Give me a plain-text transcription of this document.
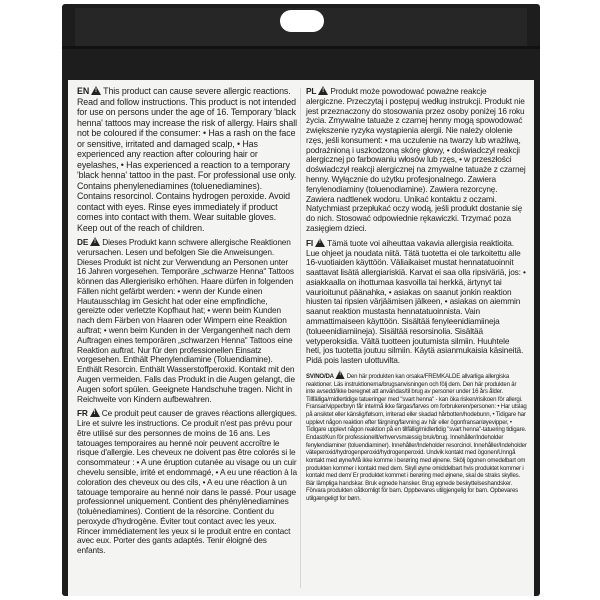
EN ! This product can cause severe allergic reactions. Read and follow instructions. This product is not intended for use on persons under the age of 16. Temporary 'black henna' tattoos may increase the risk of allergy. Hairs shall not be coloured if the consumer: • Has a rash on the face or sensitive, irritated and damaged scalp, • Has experienced any reaction after colouring hair or eyelashes, • Has experienced a reaction to a temporary 'black henna' tattoo in the past. For professional use only. Contains phenylenediamines (toluenediamines). Contains resorcinol. Contains hydrogen peroxide. Avoid contact with eyes. Rinse eyes immediately if product comes into contact with them. Wear suitable gloves. Keep out of the reach of children.

DE ! Dieses Produkt kann schwere allergische Reaktionen verursachen. Lesen und befolgen Sie die Anweisungen. Dieses Produkt ist nicht zur Verwendung an Personen unter 16 Jahren vorgesehen. Temporäre „schwarze Henna“ Tattoos können das Allergierisiko erhöhen. Haare dürfen in folgenden Fällen nicht gefärbt werden: • wenn der Kunde einen Hautausschlag im Gesicht hat oder eine empfindliche, gereizte oder verletzte Kopfhaut hat; • wenn beim Kunden nach dem Färben von Haaren oder Wimpern eine Reaktion auftrat; • wenn beim Kunden in der Vergangenheit nach dem Auftragen eines temporären „schwarzen Henna“ Tattoos eine Reaktion auftrat. Nur für den professionellen Einsatz vorgesehen. Enthält Phenylendiamine (Toluendiamine). Enthält Resorcin. Enthält Wasserstoffperoxid. Kontakt mit den Augen vermeiden. Falls das Produkt in die Augen gelangt, die Augen sofort spülen. Geeignete Handschuhe tragen. Nicht in Reichweite von Kindern aufbewahren.

FR ! Ce produit peut causer de graves réactions allergiques. Lire et suivre les instructions. Ce produit n'est pas prévu pour être utilisé sur des personnes de moins de 16 ans. Les tatouages temporaires au henné noir peuvent accroître le risque d'allergie. Les cheveux ne doivent pas être colorés si le consommateur : • A une éruption cutanée au visage ou un cuir chevelu sensible, irrité et endommagé, • A eu une réaction à la coloration des cheveux ou des cils, • A eu une réaction à un tatouage temporaire au henné noir dans le passé. Pour usage professionnel uniquement. Contient des phénylènediamines (toluènediamines). Contient de la résorcine. Contient du peroxyde d'hydrogène. Éviter tout contact avec les yeux. Rincer immédiatement les yeux si le produit entre en contact avec eux. Porter des gants adaptés. Tenir éloigné des enfants.

PL ! Produkt może powodować poważne reakcje alergiczne. Przeczytaj i postępuj według instrukcji. Produkt nie jest przeznaczony do stosowania przez osoby poniżej 16 roku życia. Zmywalne tatuaże z czarnej henny mogą spowodować zwiększenie ryzyka wystąpienia alergii. Nie należy ololenie rzęs, jeśli konsument: • ma uczulenie na twarzy lub wrażliwą, podrażnioną i uszkodzoną skórę głowy, • doświadczył reakcji alergicznej po farbowaniu włosów lub rzęs, • w przeszłości doświadczył reakcji alergicznej na zmywalne tatuaże z czarnej henny. Wyłącznie do użytku profesjonalnego. Zawiera fenylenodiaminy (toluenodiamine). Zawiera rezorcynę. Zawiera nadtlenek wodoru. Unikać kontaktu z oczami. Natychmiast przepłukać oczy wodą, jeśli produkt dostanie się do nich. Stosować odpowiednie rękawiczki. Trzymać poza zasięgiem dzieci.

FI ! Tämä tuote voi aiheuttaa vakavia allergisia reaktioita. Lue ohjeet ja noudata niitä. Tätä tuotetta ei ole tarkoitettu alle 16-vuotiaiden käyttöön. Väliaikaiset mustat hennatatuoinnit saattavat lisätä allergiariskiä. Karvat ei saa olla ripsiväriä, jos: • asiakkaalla on ihottumaa kasvoilla tai herkkä, ärtynyt tai vaurioitunut päänahka, • asiakas on saanut jonkin reaktion hiusten tai ripsien värjäämisen jälkeen, • asiakas on aiemmin saanut reaktion mustasta hennatatuoinnista. Vain ammattimaiseen käyttöön. Sisältää fenyleenidiamiineja (tolueenidiamiineja). Sisältää resorsinolia. Sisältää vetyperoksidia. Vältä tuotteen joutumista silmiin. Huuhtele heti, jos tuotetta joutuu silmiin. Käytä asianmukaisia käsineitä. Pidä pois lasten ulottuvilta.

SV/NO/DA ! Den här produkten kan orsaka/FREMKALDE allvarliga allergiska reaktioner. Läs instruktionerna/brugsanvisningen och följ dem. Den här produkten är inte avsedd/ikke beregnet att användas/til brug av personer under 16 års ålder. Tillfälliga/midlertidige tatueringer med "svart henna" - kan öka risken/risikoen för allergi. Fransar/vipper/bryn får inte/må ikke färgas/farves om forbrukeren/personen: • Har utslag på ansiktet eller känslig/følsom, irriterad eller skadad hårbotten/hodebunn, • Tidigare har upplevt någon reaktion efter färgning/farvning av hår eller ögonfransar/øyevipper, • Tidigare upplevt någon reaktion på en tillfällig/midlertidig "svart henna"-tatuering tidigare. Endast/Kun för professionellt/erhvervsmæssig bruk/brug. Innehåller/Indeholder fenylendiaminer (toluendiaminer). Innehåller/Indeholder resorcinol. Innehåller/Indeholder väteperoxid/hydrogenperoxid/hydrogenperoxid. Undvik kontakt med ögonen/Unngå kontakt med øyne/Må ikke komme i berøring med øjnene. Skölj ögonen omedelbart om produkten kommer i kontakt med dem. Skyll øyne omiddelbart hvis produktet kommer i kontakt med dem/ Er produktet kommet i berøring med øjnene, skal de straks skylles. Bär lämpliga handskar. Bruk egnede hansker. Brug egnede beskyttelseshandsker. Förvara produkten oåtkomligt för barn. Oppbevares utilgjengelig for barn. Opbevares utilgængeligt for børn.
